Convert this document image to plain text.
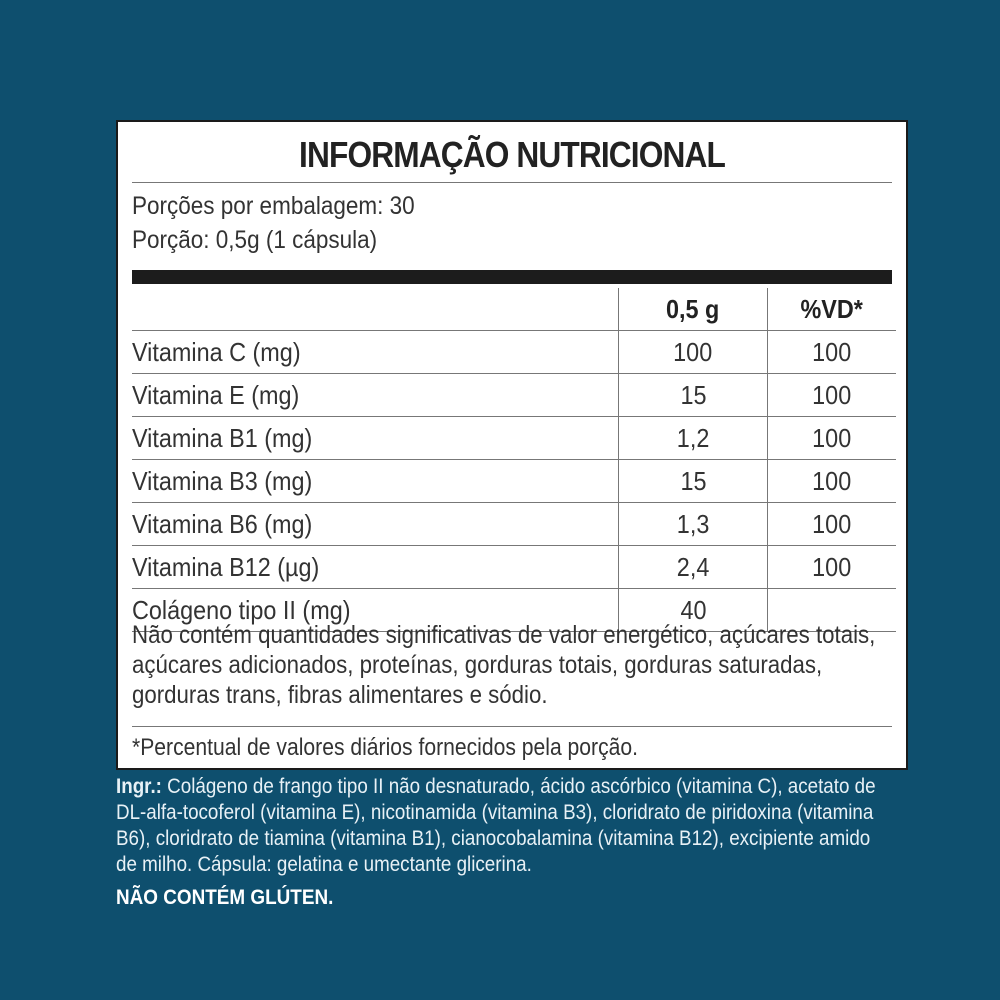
INFORMAÇÃO NUTRICIONAL
Porções por embalagem: 30
Porção: 0,5g (1 cápsula)
	0,5 g	%VD*
Vitamina C (mg)	100	100
Vitamina E (mg)	15	100
Vitamina B1 (mg)	1,2	100
Vitamina B3 (mg)	15	100
Vitamina B6 (mg)	1,3	100
Vitamina B12 (µg)	2,4	100
Colágeno tipo II (mg)	40	
Não contém quantidades significativas de valor energético, açúcares totais, açúcares adicionados, proteínas, gorduras totais, gorduras saturadas, gorduras trans, fibras alimentares e sódio.
*Percentual de valores diários fornecidos pela porção.
Ingr.: Colágeno de frango tipo II não desnaturado, ácido ascórbico (vitamina C), acetato de DL-alfa-tocoferol (vitamina E), nicotinamida (vitamina B3), cloridrato de piridoxina (vitamina B6), cloridrato de tiamina (vitamina B1), cianocobalamina (vitamina B12), excipiente amido de milho. Cápsula: gelatina e umectante glicerina.
NÃO CONTÉM GLÚTEN.
